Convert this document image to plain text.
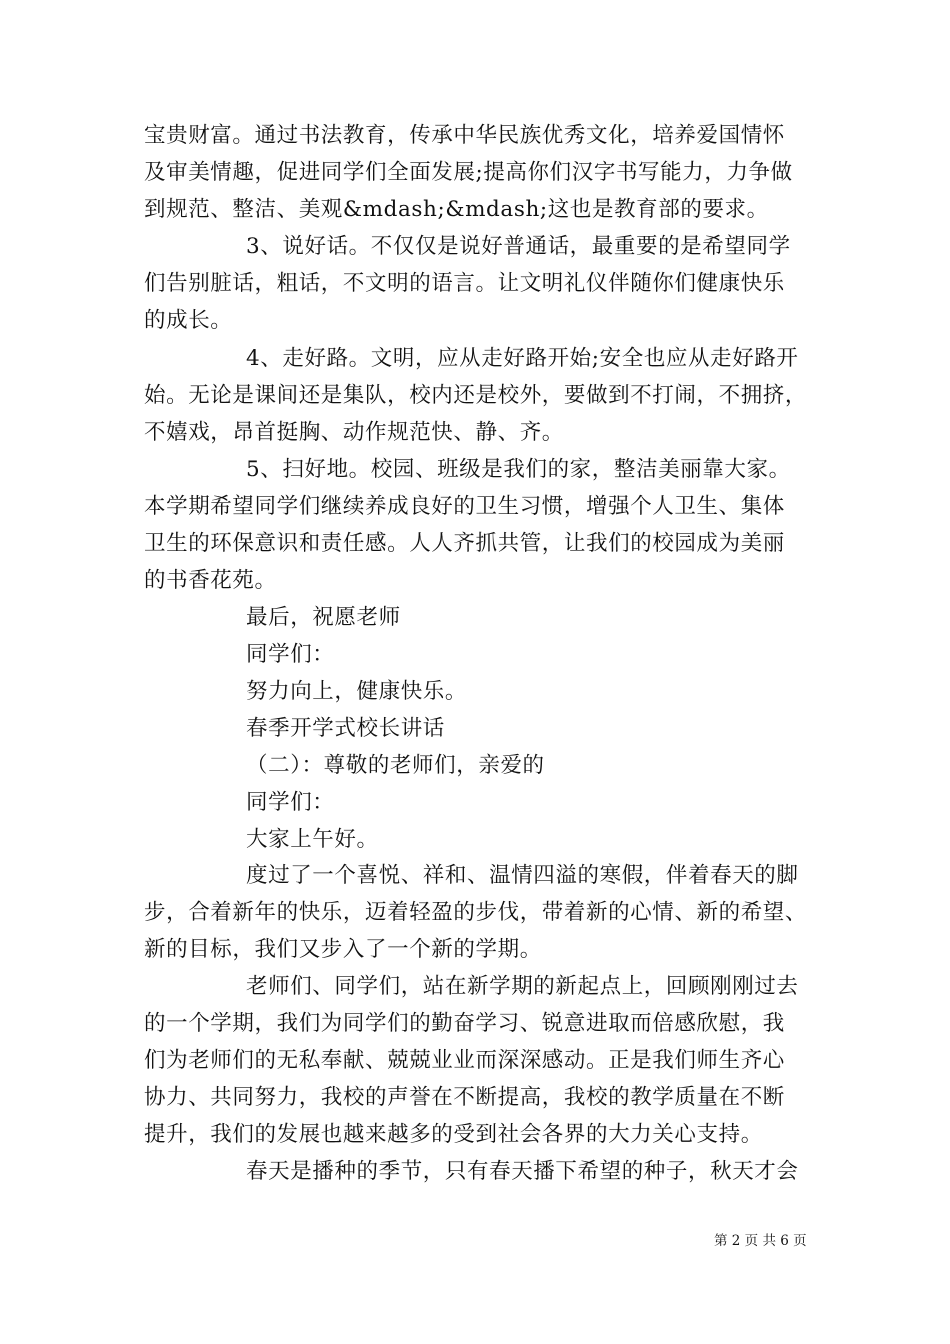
宝贵财富。通过书法教育，传承中华民族优秀文化，培养爱国情怀
及审美情趣，促进同学们全面发展;提高你们汉字书写能力，力争做
到规范、整洁、美观&mdash;&mdash;这也是教育部的要求。
3、说好话。不仅仅是说好普通话，最重要的是希望同学
们告别脏话，粗话，不文明的语言。让文明礼仪伴随你们健康快乐
的成长。
4、走好路。文明，应从走好路开始;安全也应从走好路开
始。无论是课间还是集队，校内还是校外，要做到不打闹，不拥挤，
不嬉戏，昂首挺胸、动作规范快、静、齐。
5、扫好地。校园、班级是我们的家，整洁美丽靠大家。
本学期希望同学们继续养成良好的卫生习惯，增强个人卫生、集体
卫生的环保意识和责任感。人人齐抓共管，让我们的校园成为美丽
的书香花苑。
最后，祝愿老师
同学们：
努力向上，健康快乐。
春季开学式校长讲话
（二）：尊敬的老师们，亲爱的
同学们：
大家上午好。
度过了一个喜悦、祥和、温情四溢的寒假，伴着春天的脚
步，合着新年的快乐，迈着轻盈的步伐，带着新的心情、新的希望、
新的目标，我们又步入了一个新的学期。
老师们、同学们，站在新学期的新起点上，回顾刚刚过去
的一个学期，我们为同学们的勤奋学习、锐意进取而倍感欣慰，我
们为老师们的无私奉献、兢兢业业而深深感动。正是我们师生齐心
协力、共同努力，我校的声誉在不断提高，我校的教学质量在不断
提升，我们的发展也越来越多的受到社会各界的大力关心支持。
春天是播种的季节，只有春天播下希望的种子，秋天才会
第 2 页 共 6 页
